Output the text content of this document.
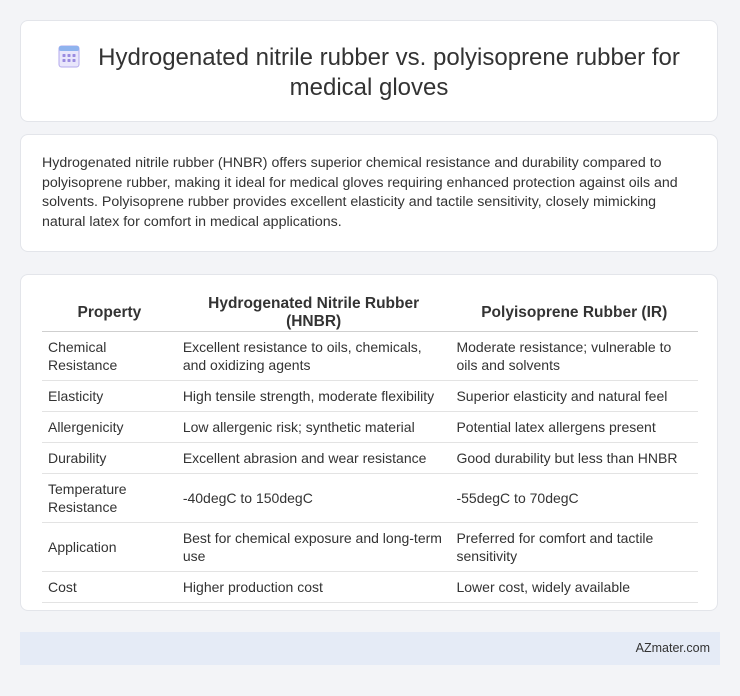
Hydrogenated nitrile rubber vs. polyisoprene rubber for
medical gloves
Hydrogenated nitrile rubber (HNBR) offers superior chemical resistance and durability compared to polyisoprene rubber, making it ideal for medical gloves requiring enhanced protection against oils and solvents. Polyisoprene rubber provides excellent elasticity and tactile sensitivity, closely mimicking natural latex for comfort in medical applications.
Property	Hydrogenated Nitrile Rubber (HNBR)	Polyisoprene Rubber (IR)
Chemical Resistance	Excellent resistance to oils, chemicals, and oxidizing agents	Moderate resistance; vulnerable to oils and solvents
Elasticity	High tensile strength, moderate flexibility	Superior elasticity and natural feel
Allergenicity	Low allergenic risk; synthetic material	Potential latex allergens present
Durability	Excellent abrasion and wear resistance	Good durability but less than HNBR
Temperature Resistance	-40degC to 150degC	-55degC to 70degC
Application	Best for chemical exposure and long-term use	Preferred for comfort and tactile sensitivity
Cost	Higher production cost	Lower cost, widely available
AZmater.com
